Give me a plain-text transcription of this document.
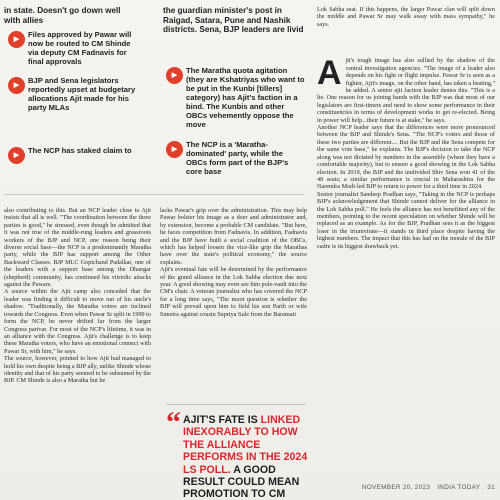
in state. Doesn't go down well with allies
▶
Files approved by Pawar will now be routed to CM Shinde via deputy CM Fadnavis for final approvals
▶
BJP and Sena legislators reportedly upset at budgetary allocations Ajit made for his party MLAs
▶
The NCP has staked claim to
the guardian minister's post in Raigad, Satara, Pune and Nashik districts. Sena, BJP leaders are livid
▶
The Maratha quota agitation (they are Kshatriyas who want to be put in the Kunbi [tillers] category) has Ajit's faction in a bind. The Kunbis and other OBCs vehemently oppose the move
▶
The NCP is a 'Maratha-dominated' party, while the OBCs form part of the BJP's core base
also contributing to this. But an NCP leader close to Ajit insists that all is well. "The coordination between the three parties is good," he stressed, even though he admitted that it was not true of the middle-rung leaders and grassroots workers of the BJP and NCP, one reason being their diverse social base—the NCP is a predominantly Maratha party, while the BJP has support among the Other Backward Classes. BJP MLC Gopichand Padalkar, one of the leaders with a support base among the Dhangar (shepherd) community, has continued his vitriolic attacks against the Pawars.
A source within the Ajit camp also conceded that the leader was finding it difficult to move out of his uncle's shadow. "Traditionally, the Maratha voters are inclined towards the Congress. Even when Pawar Sr split in 1999 to form the NCP, he never drifted far from the larger Congress parivar. For most of the NCP's lifetime, it was in an alliance with the Congress. Ajit's challenge is to keep these Maratha voters, who have an emotional connect with Pawar Sr, with him," he says.
The source, however, pointed to how Ajit had managed to hold his own despite being a BJP ally, unlike Shinde whose identity and that of his party seemed to be subsumed by the BJP. CM Shinde is also a Maratha but he
lacks Pawar's grip over the administration. This may help Pawar bolster his image as a doer and administrator and, by extension, become a probable CM candidate. "But here, he faces competition from Fadnavis. In addition, Fadnavis and the BJP have built a social coalition of the OBCs, which has helped loosen the vice-like grip the Marathas have over the state's political economy," the source explains.
Ajit's eventual fate will be determined by the performance of the grand alliance in the Lok Sabha election due next year. A good showing may even see him pole-vault into the CM's chair. A veteran journalist who has covered the NCP for a long time says, "The moot question is whether the BJP will prevail upon him to field his son Parth or wife Sunetra against cousin Supriya Sule from the Baramati
“ AJIT'S FATE IS LINKED INEXORABLY TO HOW THE ALLIANCE PERFORMS IN THE 2024 LS POLL. A GOOD RESULT COULD MEAN PROMOTION TO CM
Lok Sabha seat. If this happens, the larger Pawar clan will split down the middle and Pawar Sr may walk away with mass sympathy," he says.

Ajit's tough image has also sullied by the shadow of the central investigation agencies. "The image of a leader also depends on his fight or flight impulse. Pawar Sr is seen as a fighter, Ajit's image, on the other hand, has taken a beating," he added. A senior ajit faction leader denies this. "This is a lie. One reason for us joining hands with the BJP was that most of our legislators are first-timers and need to show some performance in their constituencies in terms of development works to get re-elected. Being in power will help...their future is at stake," he says.
Another NCP leader says that the differences were more pronounced between the BJP and Shinde's Sena. "The NCP's voters and those of these two parties are different.... But the BJP and the Sena compete for the same vote base," he explains. The BJP's decision to take the NCP along was not dictated by numbers in the assembly (where they have a comfortable majority), but to ensure a good showing in the Lok Sabha election. In 2019, the BJP and the undivided Shiv Sena won 41 of the 48 seats; a similar performance is crucial in Maharashtra for the Narendra Modi-led BJP to return to power for a third time in 2024.
Senior journalist Sandeep Pradhan says, "Taking in the NCP is perhaps BJP's acknowledgement that Shinde cannot deliver for the alliance in the Lok Sabha poll." He feels the alliance has not benefitted any of the members, pointing to the recent speculation on whether Shinde will be replaced as an example. As for the BJP, Pradhan sees it as the biggest loser in the triumvirate—it stands in third place despite having the highest numbers. The impact that this has had on the morale of the BJP cadre is its biggest drawback yet.

NOVEMBER 20, 2023 INDIA TODAY 31
